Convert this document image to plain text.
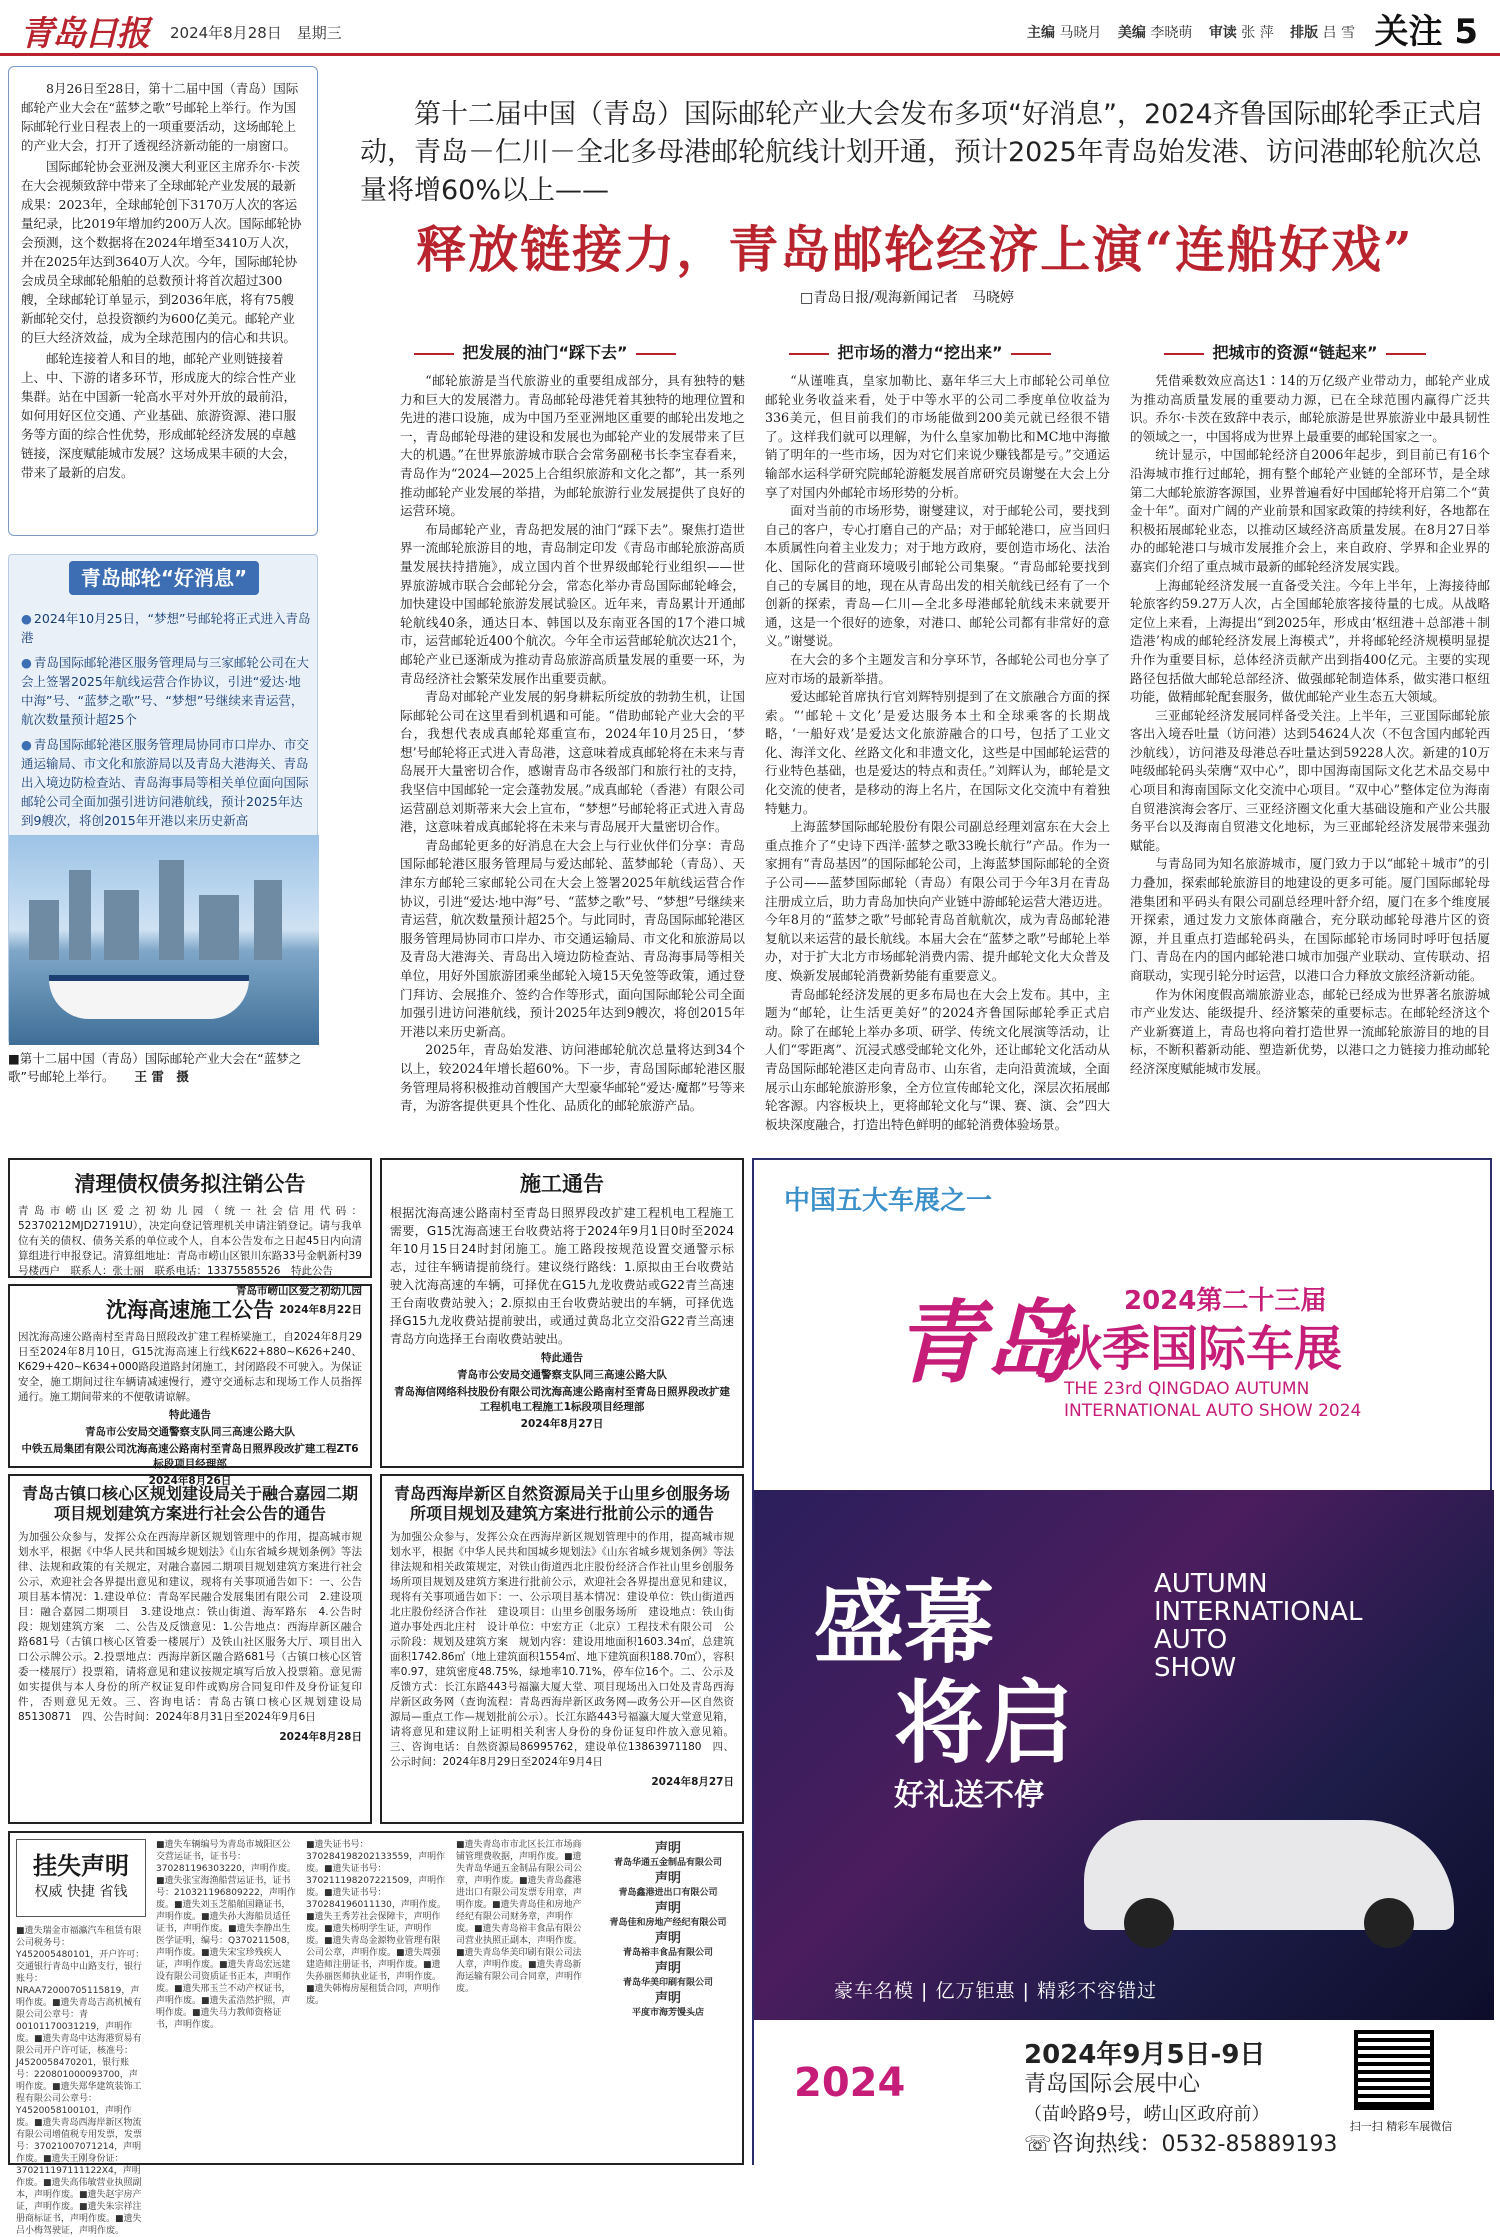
青岛日报 2024年8月28日　星期三	主编 马晓月 美编 李晓萌 审读 张 萍 排版 吕 雪 关注 5

8月26日至28日，第十二届中国（青岛）国际邮轮产业大会在“蓝梦之歌”号邮轮上举行。作为国际邮轮行业日程表上的一项重要活动，这场邮轮上的产业大会，打开了透视经济新动能的一扇窗口。

国际邮轮协会亚洲及澳大利亚区主席乔尔·卡茨在大会视频致辞中带来了全球邮轮产业发展的最新成果：2023年，全球邮轮创下3170万人次的客运量纪录，比2019年增加约200万人次。国际邮轮协会预测，这个数据将在2024年增至3410万人次，并在2025年达到3640万人次。今年，国际邮轮协会成员全球邮轮船舶的总数预计将首次超过300艘，全球邮轮订单显示，到2036年底，将有75艘新邮轮交付，总投资额约为600亿美元。邮轮产业的巨大经济效益，成为全球范围内的信心和共识。

邮轮连接着人和目的地，邮轮产业则链接着上、中、下游的诸多环节，形成庞大的综合性产业集群。站在中国新一轮高水平对外开放的最前沿，如何用好区位交通、产业基础、旅游资源、港口服务等方面的综合性优势，形成邮轮经济发展的卓越链接，深度赋能城市发展？这场成果丰硕的大会，带来了最新的启发。

青岛邮轮“好消息”
● 2024年10月25日，“梦想”号邮轮将正式进入青岛港
● 青岛国际邮轮港区服务管理局与三家邮轮公司在大会上签署2025年航线运营合作协议，引进“爱达·地中海”号、“蓝梦之歌”号、“梦想”号继续来青运营，航次数量预计超25个
● 青岛国际邮轮港区服务管理局协同市口岸办、市交通运输局、市文化和旅游局以及青岛大港海关、青岛出入境边防检查站、青岛海事局等相关单位面向国际邮轮公司全面加强引进访问港航线，预计2025年达到9艘次，将创2015年开港以来历史新高
●
■第十二届中国（青岛）国际邮轮产业大会在“蓝梦之歌”号邮轮上举行。 王 雷　摄
第十二届中国（青岛）国际邮轮产业大会发布多项“好消息”，2024齐鲁国际邮轮季正式启动，青岛－仁川－全北多母港邮轮航线计划开通，预计2025年青岛始发港、访问港邮轮航次总量将增60%以上——
释放链接力，青岛邮轮经济上演“连船好戏”
□青岛日报/观海新闻记者　马晓婷
把发展的油门“踩下去”	把市场的潜力“挖出来”	把城市的资源“链起来”

“邮轮旅游是当代旅游业的重要组成部分，具有独特的魅力和巨大的发展潜力。青岛邮轮母港凭着其独特的地理位置和先进的港口设施，成为中国乃至亚洲地区重要的邮轮出发地之一，青岛邮轮母港的建设和发展也为邮轮产业的发展带来了巨大的机遇。”在世界旅游城市联合会常务副秘书长李宝春看来，青岛作为“2024—2025上合组织旅游和文化之都”，其一系列推动邮轮产业发展的举措，为邮轮旅游行业发展提供了良好的运营环境。

布局邮轮产业，青岛把发展的油门“踩下去”。聚焦打造世界一流邮轮旅游目的地，青岛制定印发《青岛市邮轮旅游高质量发展扶持措施》，成立国内首个世界级邮轮行业组织——世界旅游城市联合会邮轮分会，常态化举办青岛国际邮轮峰会，加快建设中国邮轮旅游发展试验区。近年来，青岛累计开通邮轮航线40条，通达日本、韩国以及东南亚各国的17个港口城市，运营邮轮近400个航次。今年全市运营邮轮航次达21个，邮轮产业已逐渐成为推动青岛旅游高质量发展的重要一环，为青岛经济社会繁荣发展作出重要贡献。

青岛对邮轮产业发展的躬身耕耘所绽放的勃勃生机，让国际邮轮公司在这里看到机遇和可能。“借助邮轮产业大会的平台，我想代表成真邮轮郑重宣布，2024年10月25日，‘梦想’号邮轮将正式进入青岛港，这意味着成真邮轮将在未来与青岛展开大量密切合作，感谢青岛市各级部门和旅行社的支持，我坚信中国邮轮一定会蓬勃发展。”成真邮轮（香港）有限公司运营副总刘斯蒂来大会上宣布，“梦想”号邮轮将正式进入青岛港，这意味着成真邮轮将在未来与青岛展开大量密切合作。

青岛邮轮更多的好消息在大会上与行业伙伴们分享：青岛国际邮轮港区服务管理局与爱达邮轮、蓝梦邮轮（青岛）、天津东方邮轮三家邮轮公司在大会上签署2025年航线运营合作协议，引进“爱达·地中海”号、“蓝梦之歌”号、“梦想”号继续来青运营，航次数量预计超25个。与此同时，青岛国际邮轮港区服务管理局协同市口岸办、市交通运输局、市文化和旅游局以及青岛大港海关、青岛出入境边防检查站、青岛海事局等相关单位，用好外国旅游团乘坐邮轮入境15天免签等政策，通过登门拜访、会展推介、签约合作等形式，面向国际邮轮公司全面加强引进访问港航线，预计2025年达到9艘次，将创2015年开港以来历史新高。

2025年，青岛始发港、访问港邮轮航次总量将达到34个以上，较2024年增长超60%。下一步，青岛国际邮轮港区服务管理局将积极推动首艘国产大型豪华邮轮“爱达·魔都”号等来青，为游客提供更具个性化、品质化的邮轮旅游产品。

“从谨唯真，皇家加勒比、嘉年华三大上市邮轮公司单位邮轮业务收益来看，处于中等水平的公司二季度单位收益为336美元，但目前我们的市场能做到200美元就已经很不错了。这样我们就可以理解，为什么皇家加勒比和MC地中海撤销了明年的一些市场，因为对它们来说少赚钱都是亏。”交通运输部水运科学研究院邮轮游艇发展首席研究员谢燮在大会上分享了对国内外邮轮市场形势的分析。

面对当前的市场形势，谢燮建议，对于邮轮公司，要找到自己的客户，专心打磨自己的产品；对于邮轮港口，应当回归本质属性向着主业发力；对于地方政府，要创造市场化、法治化、国际化的营商环境吸引邮轮公司集聚。“青岛邮轮要找到自己的专属目的地，现在从青岛出发的相关航线已经有了一个创新的探索，青岛—仁川—全北多母港邮轮航线未来就要开通，这是一个很好的迹象，对港口、邮轮公司都有非常好的意义。”谢燮说。

在大会的多个主题发言和分享环节，各邮轮公司也分享了应对市场的最新举措。

爱达邮轮首席执行官刘辉特别提到了在文旅融合方面的探索。“‘邮轮＋文化’是爱达服务本土和全球乘客的长期战略，‘一船好戏’是爱达文化旅游融合的口号，包括了工业文化、海洋文化、丝路文化和非遗文化，这些是中国邮轮运营的行业特色基础，也是爱达的特点和责任。”刘辉认为，邮轮是文化交流的使者，是移动的海上名片，在国际文化交流中有着独特魅力。

上海蓝梦国际邮轮股份有限公司副总经理刘富东在大会上重点推介了“史诗下西洋·蓝梦之歌33晚长航行”产品。作为一家拥有“青岛基因”的国际邮轮公司，上海蓝梦国际邮轮的全资子公司——蓝梦国际邮轮（青岛）有限公司于今年3月在青岛注册成立后，助力青岛加快向产业链中游邮轮运营大港迈进。今年8月的“蓝梦之歌”号邮轮青岛首航航次，成为青岛邮轮港复航以来运营的最长航线。本届大会在“蓝梦之歌”号邮轮上举办，对于扩大北方市场邮轮消费内需、提升邮轮文化大众普及度、焕新发展邮轮消费新势能有重要意义。

青岛邮轮经济发展的更多布局也在大会上发布。其中，主题为“邮轮，让生活更美好”的2024齐鲁国际邮轮季正式启动。除了在邮轮上举办多项、研学、传统文化展演等活动，让人们“零距离”、沉浸式感受邮轮文化外，还让邮轮文化活动从青岛国际邮轮港区走向青岛市、山东省，走向沿黄流域，全面展示山东邮轮旅游形象，全方位宣传邮轮文化，深层次拓展邮轮客源。内容板块上，更将邮轮文化与“课、赛、演、会”四大板块深度融合，打造出特色鲜明的邮轮消费体验场景。

凭借乘数效应高达1∶14的万亿级产业带动力，邮轮产业成为推动高质量发展的重要动力源，已在全球范围内赢得广泛共识。乔尔·卡茨在致辞中表示，邮轮旅游是世界旅游业中最具韧性的领域之一，中国将成为世界上最重要的邮轮国家之一。

统计显示，中国邮轮经济自2006年起步，到目前已有16个沿海城市推行过邮轮，拥有整个邮轮产业链的全部环节，是全球第二大邮轮旅游客源国，业界普遍看好中国邮轮将开启第二个“黄金十年”。面对广阔的产业前景和国家政策的持续利好，各地都在积极拓展邮轮业态，以推动区域经济高质量发展。在8月27日举办的邮轮港口与城市发展推介会上，来自政府、学界和企业界的嘉宾们介绍了重点城市最新的邮轮经济发展实践。

上海邮轮经济发展一直备受关注。今年上半年，上海接待邮轮旅客约59.27万人次，占全国邮轮旅客接待量的七成。从战略定位上来看，上海提出“到2025年，形成由‘枢纽港＋总部港＋制造港’构成的邮轮经济发展上海模式”，并将邮轮经济规模明显提升作为重要目标，总体经济贡献产出到指400亿元。主要的实现路径包括做大邮轮总部经济、做强邮轮制造体系，做实港口枢纽功能，做精邮轮配套服务，做优邮轮产业生态五大领域。

三亚邮轮经济发展同样备受关注。上半年，三亚国际邮轮旅客出入境吞吐量（访问港）达到54624人次（不包含国内邮轮西沙航线），访问港及母港总吞吐量达到59228人次。新建的10万吨级邮轮码头荣膺“双中心”，即中国海南国际文化艺术品交易中心项目和海南国际文化交流中心项目。“双中心”整体定位为海南自贸港滨海会客厅、三亚经济圈文化重大基础设施和产业公共服务平台以及海南自贸港文化地标，为三亚邮轮经济发展带来强劲赋能。

与青岛同为知名旅游城市，厦门致力于以“邮轮＋城市”的引力叠加，探索邮轮旅游目的地建设的更多可能。厦门国际邮轮母港集团和平码头有限公司副总经理叶舒介绍，厦门在多个维度展开探索，通过发力文旅体商融合，充分联动邮轮母港片区的资源，并且重点打造邮轮码头，在国际邮轮市场同时呼吁包括厦门、青岛在内的国内邮轮港口城市加强产业联动、宣传联动、招商联动，实现引轮分时运营，以港口合力释放文旅经济新动能。

作为休闲度假高端旅游业态，邮轮已经成为世界著名旅游城市产业发达、能级提升、经济繁荣的重要标志。在邮轮经济这个产业新赛道上，青岛也将向着打造世界一流邮轮旅游目的地的目标，不断积蓄新动能、塑造新优势，以港口之力链接力推动邮轮经济深度赋能城市发展。

清理债权债务拟注销公告
青岛市崂山区爱之初幼儿园（统一社会信用代码：52370212MJD27191U），决定向登记管理机关申请注销登记。请与我单位有关的债权、债务关系的单位或个人，自本公告发布之日起45日内向清算组进行申报登记。清算组地址：青岛市崂山区银川东路33号金帆新村39号楼西户　联系人：张士丽　联系电话：13375585526　特此公告
青岛市崂山区爱之初幼儿园
2024年8月22日
沈海高速施工公告
因沈海高速公路南村至青岛日照段改扩建工程桥梁施工，自2024年8月29日至2024年8月10日，G15沈海高速上行线K622+880~K626+240、K629+420~K634+000路段道路封闭施工，封闭路段不可驶入。为保证安全，施工期间过往车辆请减速慢行，遵守交通标志和现场工作人员指挥通行。施工期间带来的不便敬请谅解。
特此通告
青岛市公安局交通警察支队同三高速公路大队
中铁五局集团有限公司沈海高速公路南村至青岛日照界段改扩建工程ZT6标段项目经理部
2024年8月26日
施工通告
根据沈海高速公路南村至青岛日照界段改扩建工程机电工程施工需要，G15沈海高速王台收费站将于2024年9月1日0时至2024年10月15日24时封闭施工。施工路段按规范设置交通警示标志，过往车辆请提前绕行。建议绕行路线：1.原拟由王台收费站驶入沈海高速的车辆，可择优在G15九龙收费站或G22青兰高速王台南收费站驶入；2.原拟由王台收费站驶出的车辆，可择优选择G15九龙收费站提前驶出，或通过黄岛北立交沿G22青兰高速青岛方向选择王台南收费站驶出。
特此通告
青岛市公安局交通警察支队同三高速公路大队
青岛海信网络科技股份有限公司沈海高速公路南村至青岛日照界段改扩建工程机电工程施工1标段项目经理部
2024年8月27日
青岛古镇口核心区规划建设局关于融合嘉园二期项目规划建筑方案进行社会公告的通告
为加强公众参与，发挥公众在西海岸新区规划管理中的作用，提高城市规划水平，根据《中华人民共和国城乡规划法》《山东省城乡规划条例》等法律、法规和政策的有关规定，对融合嘉园二期项目规划建筑方案进行社会公示，欢迎社会各界提出意见和建议，现将有关事项通告如下：一、公告项目基本情况：1.建设单位：青岛军民融合发展集团有限公司　2.建设项目：融合嘉园二期项目　3.建设地点：铁山街道、海军路东　4.公告时段：规划建筑方案　二、公告及反馈意见：1.公告地点：西海岸新区融合路681号（古镇口核心区管委一楼展厅）及铁山社区服务大厅、项目出入口公示牌公示。2.投票地点：西海岸新区融合路681号（古镇口核心区管委一楼展厅）投票箱，请将意见和建议按规定填写后放入投票箱。意见需如实提供与本人身份的所产权证复印件或购房合同复印件及身份证复印件，否则意见无效。三、咨询电话：青岛古镇口核心区规划建设局85130871　四、公告时间：2024年8月31日至2024年9月6日
2024年8月28日
青岛西海岸新区自然资源局关于山里乡创服务场所项目规划及建筑方案进行批前公示的通告
为加强公众参与，发挥公众在西海岸新区规划管理中的作用，提高城市规划水平，根据《中华人民共和国城乡规划法》《山东省城乡规划条例》等法律法规和相关政策规定，对铁山街道西北庄股份经济合作社山里乡创服务场所项目规划及建筑方案进行批前公示，欢迎社会各界提出意见和建议，现将有关事项通告如下：一、公示项目基本情况：建设单位：铁山街道西北庄股份经济合作社　建设项目：山里乡创服务场所　建设地点：铁山街道办事处西北庄村　设计单位：中宏方正（北京）工程技术有限公司　公示阶段：规划及建筑方案　规划内容：建设用地面积1603.34㎡，总建筑面积1742.86㎡（地上建筑面积1554㎡、地下建筑面积188.70㎡），容积率0.97，建筑密度48.75%，绿地率10.71%，停车位16个。二、公示及反馈方式：长江东路443号福瀛大厦大堂、项目现场出入口处及青岛西海岸新区政务网（查询流程：青岛西海岸新区政务网—政务公开—区自然资源局—重点工作—规划批前公示）。长江东路443号福瀛大厦大堂意见箱，请将意见和建议附上证明相关利害人身份的身份证复印件放入意见箱。三、咨询电话：自然资源局86995762，建设单位13863971180　四、公示时间：2024年8月29日至2024年9月4日
2024年8月27日
挂失声明
权威 快捷 省钱
■遗失瑞金市福瀛汽车租赁有限公司税务号：Y452005480101，开户许可：交通银行青岛中山路支行，银行账号：NRAA72000705115819，声明作废。■遗失青岛吉高机械有限公司公章号：青00101170031219，声明作废。■遗失青岛中达海港贸易有限公司开户许可证，核准号：J4520058470201，银行账号：220801000093700，声明作废。■遗失郑华建筑装饰工程有限公司公章号：Y4520058100101，声明作废。■遗失青岛西海岸新区物流有限公司增值税专用发票，发票号：37021007071214，声明作废。■遗失王刚身份证：370211197111122X4，声明作废。■遗失高伟敏营业执照副本，声明作废。■遗失赵宇房产证，声明作废。■遗失朱宗祥注册商标证书，声明作废。■遗失吕小梅驾驶证，声明作废。
■遗失车辆编号为青岛市城阳区公交营运证书，证书号：370281196303220，声明作废。■遗失张宝海渔船营运证书，证书号：210321196809222，声明作废。■遗失刘玉芝船舶国籍证书，声明作废。■遗失孙大海船员适任证书，声明作废。■遗失李静出生医学证明，编号：Q370211508，声明作废。■遗失宋宝珍残疾人证，声明作废。■遗失青岛宏远建设有限公司资质证书正本，声明作废。■遗失邢玉兰不动产权证书，声明作废。■遗失孟浩然护照，声明作废。■遗失马力教师资格证书，声明作废。
■遗失证书号：370284198202133559，声明作废。■遗失证书号：370211198207221509，声明作废。■遗失证书号：370284196011130，声明作废。■遗失王秀芳社会保障卡，声明作废。■遗失杨明学生证，声明作废。■遗失青岛金源物业管理有限公司公章，声明作废。■遗失周强建造师注册证书，声明作废。■遗失孙丽医师执业证书，声明作废。■遗失韩梅房屋租赁合同，声明作废。
■遗失青岛市市北区长江市场商铺管理费收据，声明作废。■遗失青岛华通五金制品有限公司公章，声明作废。■遗失青岛鑫港进出口有限公司发票专用章，声明作废。■遗失青岛佳和房地产经纪有限公司财务章，声明作废。■遗失青岛裕丰食品有限公司营业执照正副本，声明作废。■遗失青岛华美印刷有限公司法人章，声明作废。■遗失青岛新海运输有限公司合同章，声明作废。
声明
青岛华通五金制品有限公司
声明
青岛鑫港进出口有限公司
声明
青岛佳和房地产经纪有限公司
声明
青岛裕丰食品有限公司
声明
青岛华美印刷有限公司
声明
平度市海芳馒头店
中国五大车展之一
青岛 2024第二十三届
秋季国际车展
THE 23rd QINGDAO AUTUMN
INTERNATIONAL AUTO SHOW 2024
盛幕
将启
好礼送不停
AUTUMN
INTERNATIONAL
AUTO
SHOW
豪车名模 | 亿万钜惠 | 精彩不容错过
2024
2024年9月5日-9日
青岛国际会展中心
（苗岭路9号，崂山区政府前）
☏咨询热线：0532-85889193
扫一扫 精彩车展微信
